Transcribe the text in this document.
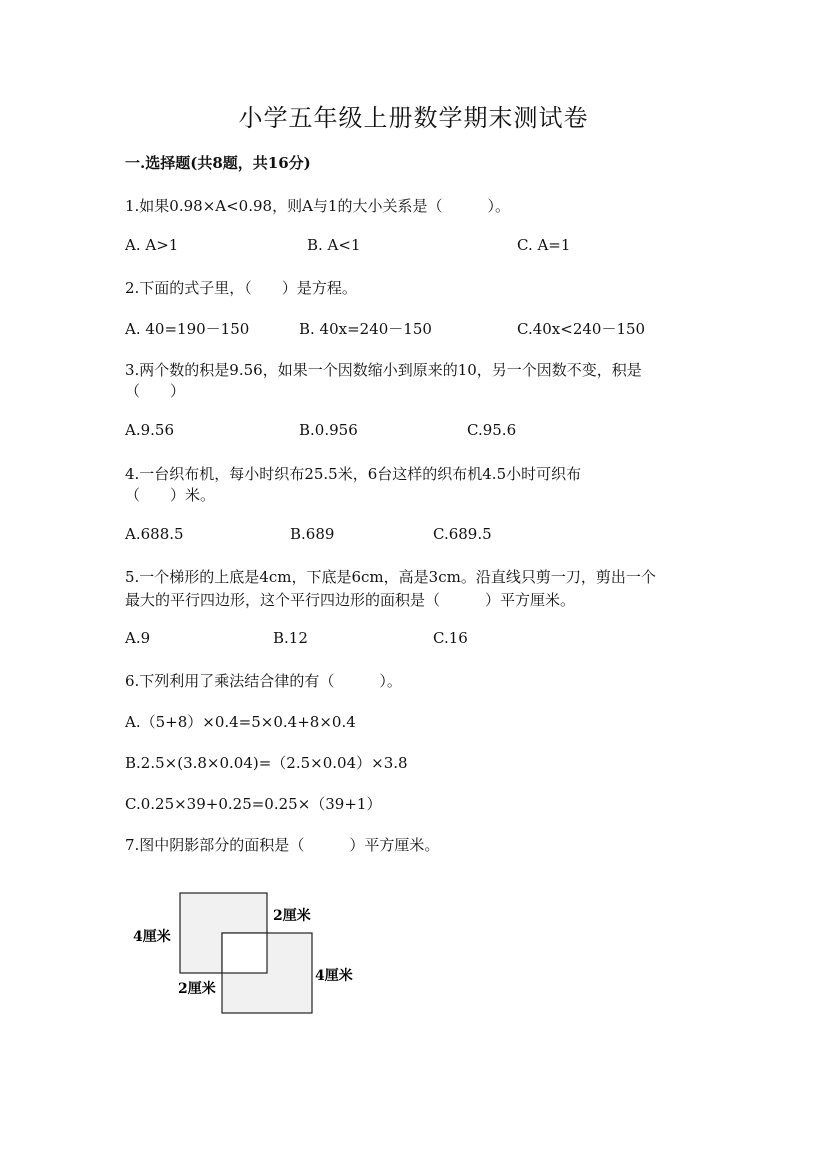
小学五年级上册数学期末测试卷
一.选择题(共8题，共16分)
1.如果0.98×A<0.98，则A与1的大小关系是（　　　）。
A. A>1	B. A<1	C. A=1
2.下面的式子里，（　　）是方程。
A. 40=190－150	B. 40x=240－150	C.40x<240－150
3.两个数的积是9.56，如果一个因数缩小到原来的10，另一个因数不变，积是
（　　）
A.9.56	B.0.956	C.95.6
4.一台织布机，每小时织布25.5米，6台这样的织布机4.5小时可织布
（　　）米。
A.688.5	B.689	C.689.5
5.一个梯形的上底是4cm，下底是6cm，高是3cm。沿直线只剪一刀，剪出一个
最大的平行四边形，这个平行四边形的面积是（　　　）平方厘米。
A.9	B.12	C.16
6.下列利用了乘法结合律的有（　　　）。
A.（5+8）×0.4=5×0.4+8×0.4
B.2.5×(3.8×0.04)=（2.5×0.04）×3.8
C.0.25×39+0.25=0.25×（39+1）
7.图中阴影部分的面积是（　　　）平方厘米。
4厘米
2厘米
2厘米
4厘米
